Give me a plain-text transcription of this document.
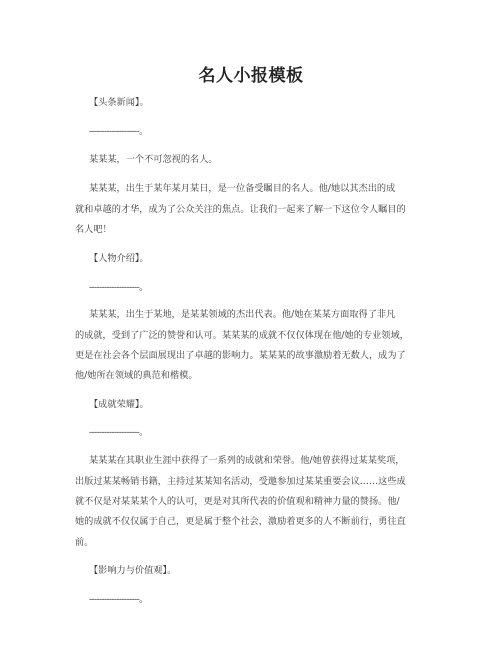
名人小报模板
【头条新闻】。
--------------------。
某某某，一个不可忽视的名人。
某某某，出生于某年某月某日，是一位备受瞩目的名人。他/她以其杰出的成
就和卓越的才华，成为了公众关注的焦点。让我们一起来了解一下这位令人瞩目的
名人吧！
【人物介绍】。
--------------------。
某某某，出生于某地，是某某领域的杰出代表。他/她在某某方面取得了非凡
的成就，受到了广泛的赞誉和认可。某某某的成就不仅仅体现在他/她的专业领域，
更是在社会各个层面展现出了卓越的影响力。某某某的故事激励着无数人，成为了
他/她所在领域的典范和楷模。
【成就荣耀】。
--------------------。
某某某在其职业生涯中获得了一系列的成就和荣誉。他/她曾获得过某某奖项，
出版过某某畅销书籍，主持过某某知名活动，受邀参加过某某重要会议……这些成
就不仅是对某某某个人的认可，更是对其所代表的价值观和精神力量的赞扬。他/
她的成就不仅仅属于自己，更是属于整个社会，激励着更多的人不断前行，勇往直
前。
【影响力与价值观】。
--------------------。
